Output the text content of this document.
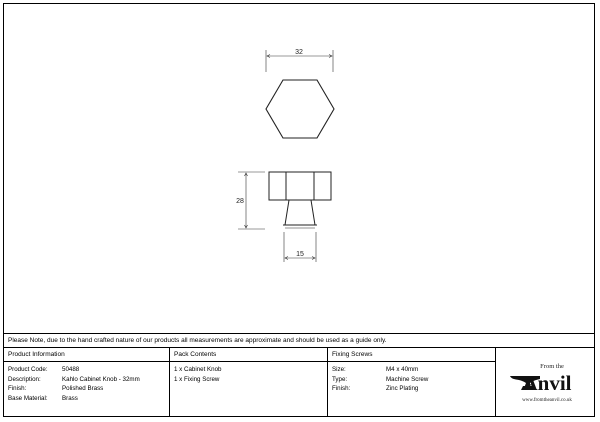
32
28
15
Please Note, due to the hand crafted nature of our products all measurements are approximate and should be used as a guide only.
Product Information
Product Code:	50488
Description:	Kahlo Cabinet Knob - 32mm
Finish:	Polished Brass
Base Material:	Brass
Pack Contents
1 x Cabinet Knob
1 x Fixing Screw
Fixing Screws
Size:	M4 x 40mm
Type:	Machine Screw
Finish:	Zinc Plating
From the
Anvil
www.fromtheanvil.co.uk
